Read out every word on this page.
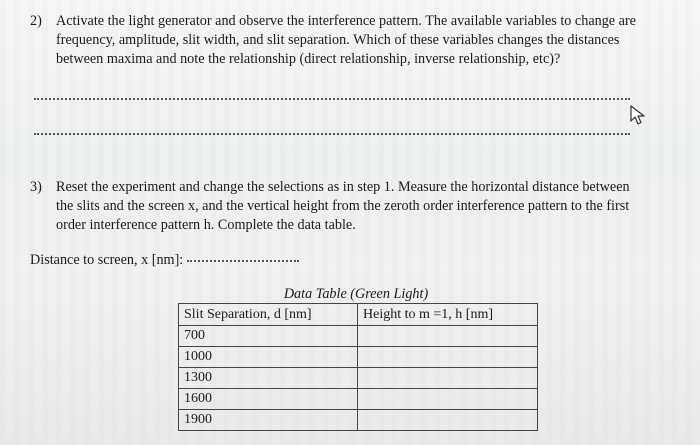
2) Activate the light generator and observe the interference pattern. The available variables to change are
frequency, amplitude, slit width, and slit separation. Which of these variables changes the distances
between maxima and note the relationship (direct relationship, inverse relationship, etc)?
3) Reset the experiment and change the selections as in step 1. Measure the horizontal distance between
the slits and the screen x, and the vertical height from the zeroth order interference pattern to the first
order interference pattern h. Complete the data table.
Distance to screen, x [nm]:
Data Table (Green Light)
Slit Separation, d [nm]	Height to m =1, h [nm]
700	
1000	
1300	
1600	
1900	
